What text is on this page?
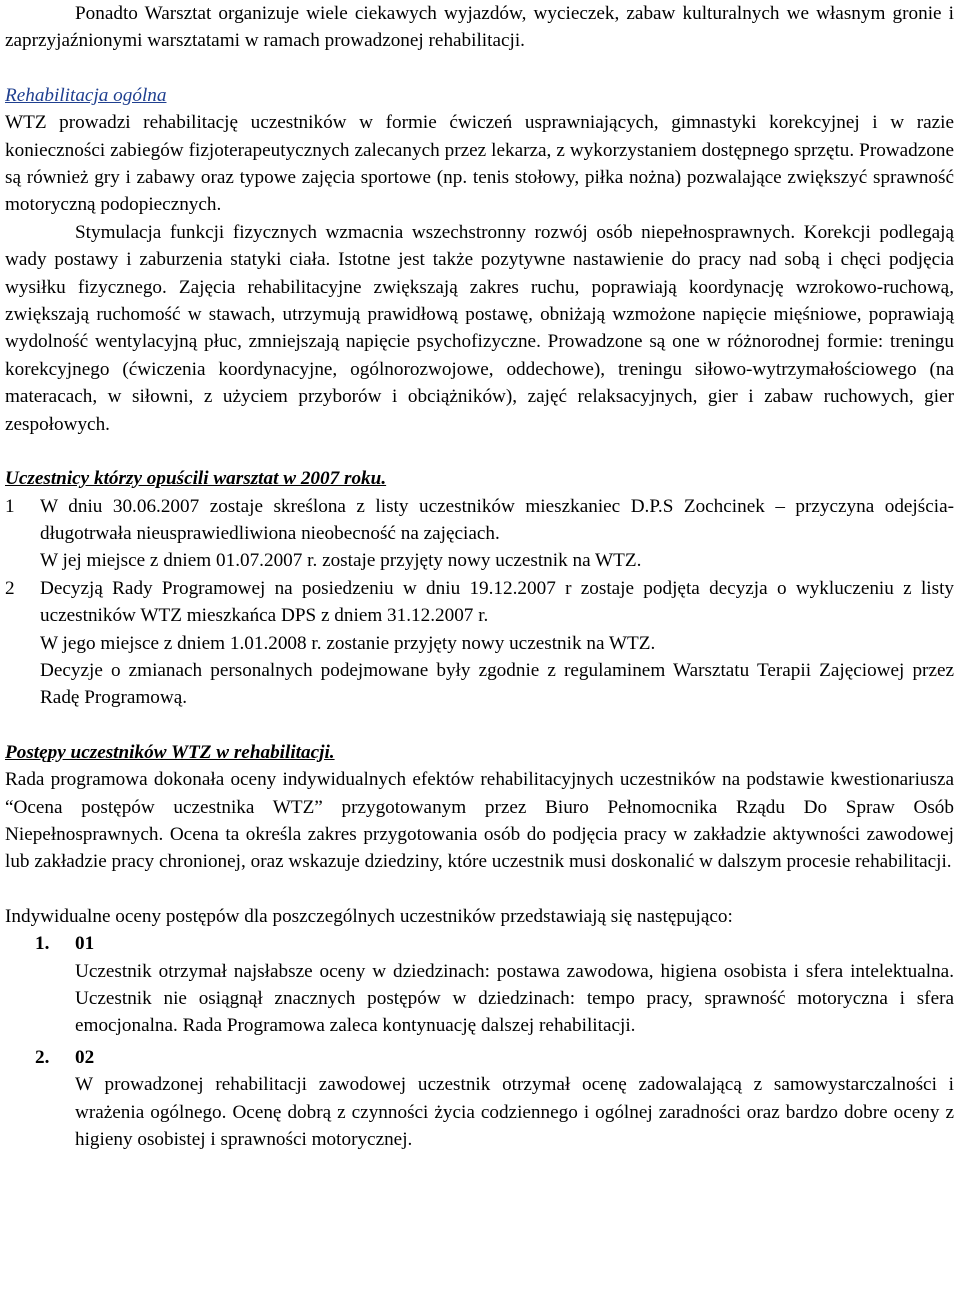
Ponadto Warsztat organizuje wiele ciekawych wyjazdów, wycieczek, zabaw kulturalnych we własnym gronie i zaprzyjaźnionymi warsztatami w ramach prowadzonej rehabilitacji.

Rehabilitacja ogólna

WTZ prowadzi rehabilitację uczestników w formie ćwiczeń usprawniających, gimnastyki korekcyjnej i w razie konieczności zabiegów fizjoterapeutycznych zalecanych przez lekarza, z wykorzystaniem dostępnego sprzętu. Prowadzone są również gry i zabawy oraz typowe zajęcia sportowe (np. tenis stołowy, piłka nożna) pozwalające zwiększyć sprawność motoryczną podopiecznych.

Stymulacja funkcji fizycznych wzmacnia wszechstronny rozwój osób niepełnosprawnych. Korekcji podlegają wady postawy i zaburzenia statyki ciała. Istotne jest także pozytywne nastawienie do pracy nad sobą i chęci podjęcia wysiłku fizycznego. Zajęcia rehabilitacyjne zwiększają zakres ruchu, poprawiają koordynację wzrokowo-ruchową, zwiększają ruchomość w stawach, utrzymują prawidłową postawę, obniżają wzmożone napięcie mięśniowe, poprawiają wydolność wentylacyjną płuc, zmniejszają napięcie psychofizyczne. Prowadzone są one w różnorodnej formie: treningu korekcyjnego (ćwiczenia koordynacyjne, ogólnorozwojowe, oddechowe), treningu siłowo-wytrzymałościowego (na materacach, w siłowni, z użyciem przyborów i obciążników), zajęć relaksacyjnych, gier i zabaw ruchowych, gier zespołowych.

Uczestnicy którzy opuścili warsztat w 2007 roku.

1	W dniu 30.06.2007 zostaje skreślona z listy uczestników mieszkaniec D.P.S Zochcinek – przyczyna odejścia- długotrwała nieusprawiedliwiona nieobecność na zajęciach.
W jej miejsce z dniem 01.07.2007 r. zostaje przyjęty nowy uczestnik na WTZ.
2	Decyzją Rady Programowej na posiedzeniu w dniu 19.12.2007 r zostaje podjęta decyzja o wykluczeniu z listy uczestników WTZ mieszkańca DPS z dniem 31.12.2007 r.
W jego miejsce z dniem 1.01.2008 r. zostanie przyjęty nowy uczestnik na WTZ.

Decyzje o zmianach personalnych podejmowane były zgodnie z regulaminem Warsztatu Terapii Zajęciowej przez Radę Programową.

Postępy uczestników WTZ w rehabilitacji.

Rada programowa dokonała oceny indywidualnych efektów rehabilitacyjnych uczestników na podstawie kwestionariusza “Ocena postępów uczestnika WTZ” przygotowanym przez Biuro Pełnomocnika Rządu Do Spraw Osób Niepełnosprawnych. Ocena ta określa zakres przygotowania osób do podjęcia pracy w zakładzie aktywności zawodowej lub zakładzie pracy chronionej, oraz wskazuje dziedziny, które uczestnik musi doskonalić w dalszym procesie rehabilitacji.

Indywidualne oceny postępów dla poszczególnych uczestników przedstawiają się następująco:

1. 01
Uczestnik otrzymał najsłabsze oceny w dziedzinach: postawa zawodowa, higiena osobista i sfera intelektualna. Uczestnik nie osiągnął znacznych postępów w dziedzinach: tempo pracy, sprawność motoryczna i sfera emocjonalna. Rada Programowa zaleca kontynuację dalszej rehabilitacji.
2. 02
W prowadzonej rehabilitacji zawodowej uczestnik otrzymał ocenę zadowalającą z samowystarczalności i wrażenia ogólnego. Ocenę dobrą z czynności życia codziennego i ogólnej zaradności oraz bardzo dobre oceny z higieny osobistej i sprawności motorycznej.
